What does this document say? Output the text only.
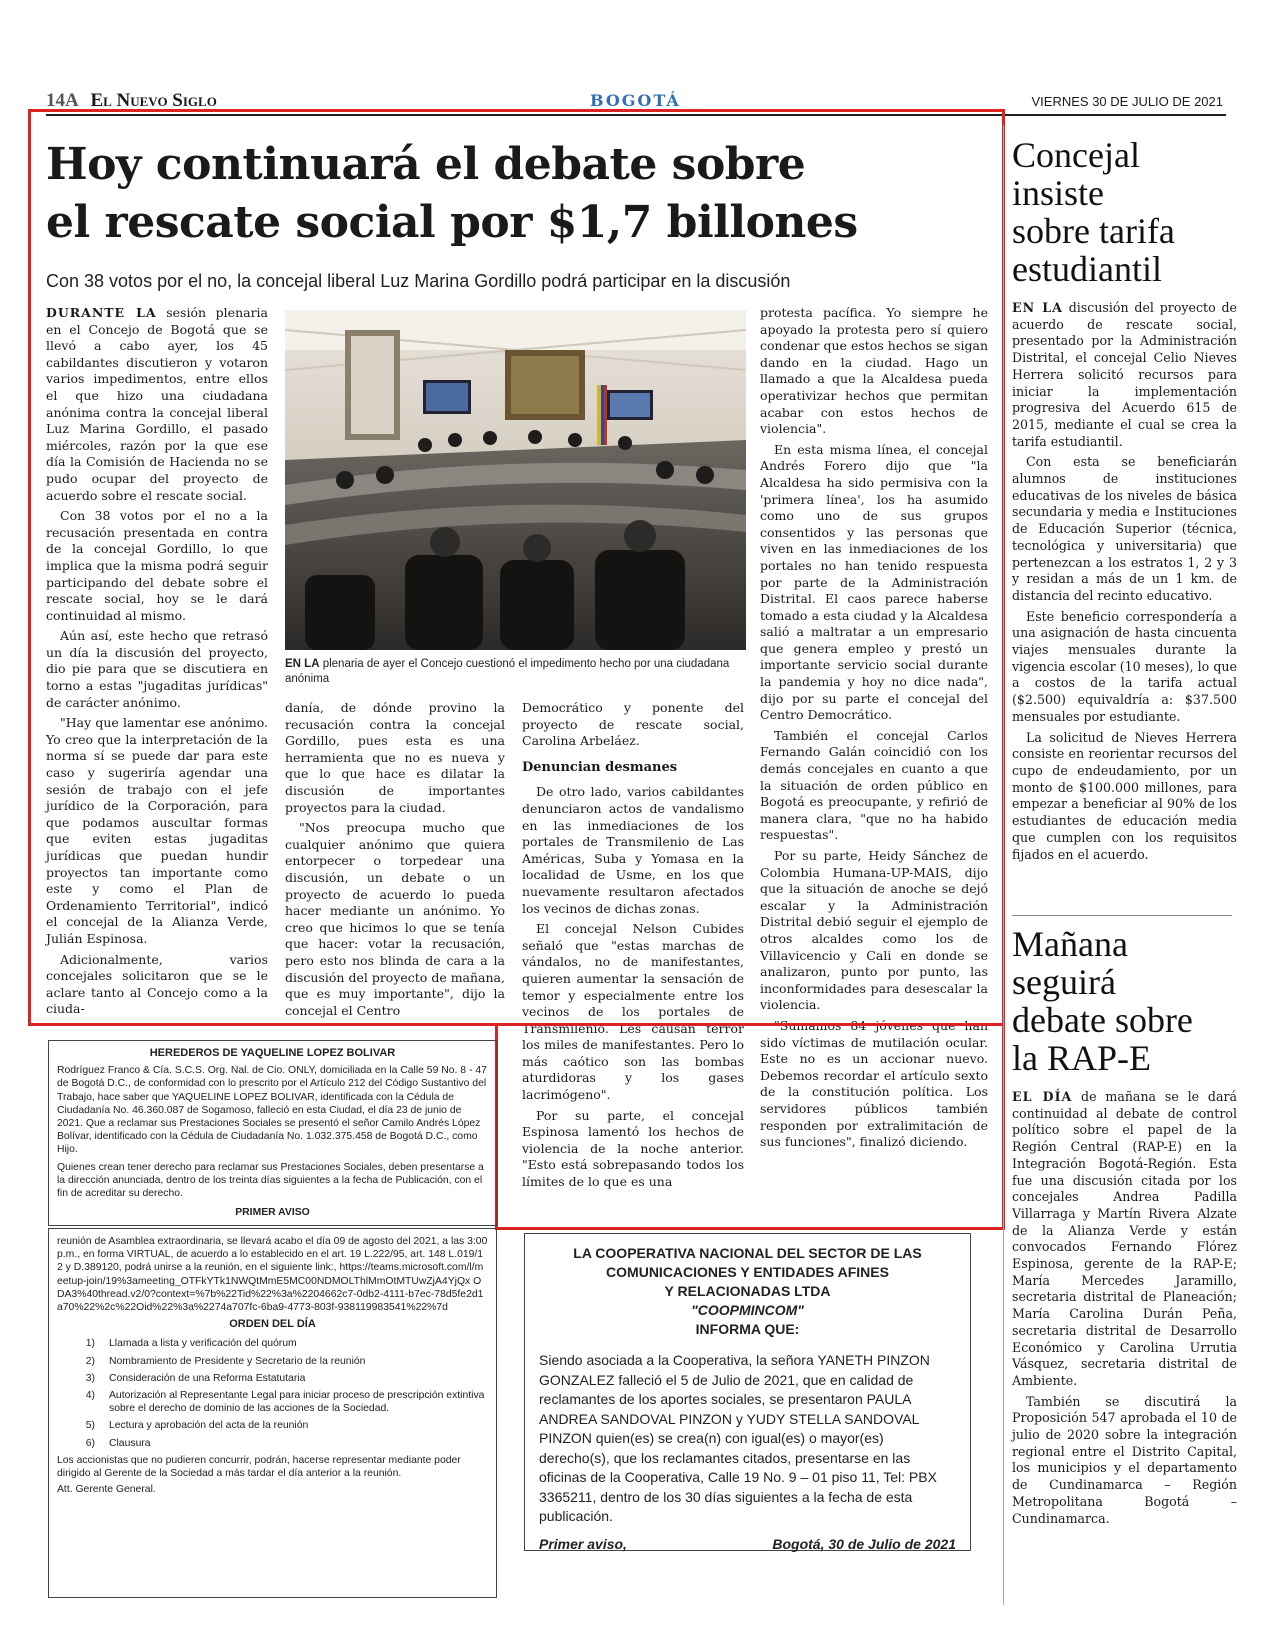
14A El Nuevo Siglo	BOGOTÁ	VIERNES 30 DE JULIO DE 2021
Hoy continuará el debate sobre
el rescate social por $1,7 billones
Con 38 votos por el no, la concejal liberal Luz Marina Gordillo podrá participar en la discusión

DURANTE LA sesión plenaria en el Concejo de Bogotá que se llevó a cabo ayer, los 45 cabildantes discutieron y votaron varios impedimentos, entre ellos el que hizo una ciudadana anónima contra la concejal liberal Luz Marina Gordillo, el pasado miércoles, razón por la que ese día la Comisión de Hacienda no se pudo ocupar del proyecto de acuerdo sobre el rescate social.

Con 38 votos por el no a la recusación presentada en contra de la concejal Gordillo, lo que implica que la misma podrá seguir participando del debate sobre el rescate social, hoy se le dará continuidad al mismo.

Aún así, este hecho que retrasó un día la discusión del proyecto, dio pie para que se discutiera en torno a estas "jugaditas jurídicas" de carácter anónimo.

"Hay que lamentar ese anónimo. Yo creo que la interpretación de la norma sí se puede dar para este caso y sugeriría agendar una sesión de trabajo con el jefe jurídico de la Corporación, para que podamos auscultar formas que eviten estas jugaditas jurídicas que puedan hundir proyectos tan importante como este y como el Plan de Ordenamiento Territorial", indicó el concejal de la Alianza Verde, Julián Espinosa.

Adicionalmente, varios concejales solicitaron que se le aclare tanto al Concejo como a la ciuda-

EN LA plenaria de ayer el Concejo cuestionó el impedimento hecho por una ciudadana anónima

danía, de dónde provino la recusación contra la concejal Gordillo, pues esta es una herramienta que no es nueva y que lo que hace es dilatar la discusión de importantes proyectos para la ciudad.

"Nos preocupa mucho que cualquier anónimo que quiera entorpecer o torpedear una discusión, un debate o un proyecto de acuerdo lo pueda hacer mediante un anónimo. Yo creo que hicimos lo que se tenía que hacer: votar la recusación, pero esto nos blinda de cara a la discusión del proyecto de mañana, que es muy importante", dijo la concejal el Centro

Democrático y ponente del proyecto de rescate social, Carolina Arbeláez.

Denuncian desmanes

De otro lado, varios cabildantes denunciaron actos de vandalismo en las inmediaciones de los portales de Transmilenio de Las Américas, Suba y Yomasa en la localidad de Usme, en los que nuevamente resultaron afectados los vecinos de dichas zonas.

El concejal Nelson Cubides señaló que "estas marchas de vándalos, no de manifestantes, quieren aumentar la sensación de temor y especialmente entre los vecinos de los portales de Transmilenio. Les causan terror los miles de manifestantes. Pero lo más caótico son las bombas aturdidoras y los gases lacrimógeno".

Por su parte, el concejal Espinosa lamentó los hechos de violencia de la noche anterior. "Esto está sobrepasando todos los límites de lo que es una

protesta pacífica. Yo siempre he apoyado la protesta pero sí quiero condenar que estos hechos se sigan dando en la ciudad. Hago un llamado a que la Alcaldesa pueda operativizar hechos que permitan acabar con estos hechos de violencia".

En esta misma línea, el concejal Andrés Forero dijo que "la Alcaldesa ha sido permisiva con la 'primera línea', los ha asumido como uno de sus grupos consentidos y las personas que viven en las inmediaciones de los portales no han tenido respuesta por parte de la Administración Distrital. El caos parece haberse tomado a esta ciudad y la Alcaldesa salió a maltratar a un empresario que genera empleo y prestó un importante servicio social durante la pandemia y hoy no dice nada", dijo por su parte el concejal del Centro Democrático.

También el concejal Carlos Fernando Galán coincidió con los demás concejales en cuanto a que la situación de orden público en Bogotá es preocupante, y refirió de manera clara, "que no ha habido respuestas".

Por su parte, Heidy Sánchez de Colombia Humana-UP-MAIS, dijo que la situación de anoche se dejó escalar y la Administración Distrital debió seguir el ejemplo de otros alcaldes como los de Villavicencio y Cali en donde se analizaron, punto por punto, las inconformidades para desescalar la violencia.

"Sumamos 84 jóvenes que han sido víctimas de mutilación ocular. Este no es un accionar nuevo. Debemos recordar el artículo sexto de la constitución política. Los servidores públicos también responden por extralimitación de sus funciones", finalizó diciendo.

Concejal
insiste
sobre tarifa
estudiantil

EN LA discusión del proyecto de acuerdo de rescate social, presentado por la Administración Distrital, el concejal Celio Nieves Herrera solicitó recursos para iniciar la implementación progresiva del Acuerdo 615 de 2015, mediante el cual se crea la tarifa estudiantil.

Con esta se beneficiarán alumnos de instituciones educativas de los niveles de básica secundaria y media e Instituciones de Educación Superior (técnica, tecnológica y universitaria) que pertenezcan a los estratos 1, 2 y 3 y residan a más de un 1 km. de distancia del recinto educativo.

Este beneficio correspondería a una asignación de hasta cincuenta viajes mensuales durante la vigencia escolar (10 meses), lo que a costos de la tarifa actual ($2.500) equivaldría a: $37.500 mensuales por estudiante.

La solicitud de Nieves Herrera consiste en reorientar recursos del cupo de endeudamiento, por un monto de $100.000 millones, para empezar a beneficiar al 90% de los estudiantes de educación media que cumplen con los requisitos fijados en el acuerdo.

Mañana
seguirá
debate sobre
la RAP-E

EL DÍA de mañana se le dará continuidad al debate de control político sobre el papel de la Región Central (RAP-E) en la Integración Bogotá-Región. Esta fue una discusión citada por los concejales Andrea Padilla Villarraga y Martín Rivera Alzate de la Alianza Verde y están convocados Fernando Flórez Espinosa, gerente de la RAP-E; María Mercedes Jaramillo, secretaria distrital de Planeación; María Carolina Durán Peña, secretaria distrital de Desarrollo Económico y Carolina Urrutia Vásquez, secretaria distrital de Ambiente.

También se discutirá la Proposición 547 aprobada el 10 de julio de 2020 sobre la integración regional entre el Distrito Capital, los municipios y el departamento de Cundinamarca – Región Metropolitana Bogotá – Cundinamarca.

HEREDEROS DE YAQUELINE LOPEZ BOLIVAR

Rodríguez Franco & Cía. S.C.S. Org. Nal. de Cio. ONLY, domiciliada en la Calle 59 No. 8 - 47 de Bogotá D.C., de conformidad con lo prescrito por el Artículo 212 del Código Sustantivo del Trabajo, hace saber que YAQUELINE LOPEZ BOLIVAR, identificada con la Cédula de Ciudadanía No. 46.360.087 de Sogamoso, falleció en esta Ciudad, el día 23 de junio de 2021. Que a reclamar sus Prestaciones Sociales se presentó el señor Camilo Andrés López Bolívar, identificado con la Cédula de Ciudadanía No. 1.032.375.458 de Bogotá D.C., como Hijo.

Quienes crean tener derecho para reclamar sus Prestaciones Sociales, deben presentarse a la dirección anunciada, dentro de los treinta días siguientes a la fecha de Publicación, con el fin de acreditar su derecho.

PRIMER AVISO

reunión de Asamblea extraordinaria, se llevará acabo el día 09 de agosto del 2021, a las 3:00 p.m., en forma VIRTUAL, de acuerdo a lo establecido en el art. 19 L.222/95, art. 148 L.019/12 y D.389120, podrá unirse a la reunión, en el siguiente link:, https://teams.microsoft.com/l/meetup-join/19%3ameeting_OTFkYTk1NWQtMmE5MC00NDMOLThlMmOtMTUwZjA4YjQx ODA3%40thread.v2/0?context=%7b%22Tid%22%3a%2204662c7-0db2-4111-b7ec-78d5fe2d1a70%22%2c%22Oid%22%3a%2274a707fc-6ba9-4773-803f-938119983541%22%7d

ORDEN DEL DÍA
1)	Llamada a lista y verificación del quórum
2)	Nombramiento de Presidente y Secretario de la reunión
3)	Consideración de una Reforma Estatutaria
4)	Autorización al Representante Legal para iniciar proceso de prescripción extintiva sobre el derecho de dominio de las acciones de la Sociedad.
5)	Lectura y aprobación del acta de la reunión
6)	Clausura

Los accionistas que no pudieren concurrir, podrán, hacerse representar mediante poder dirigido al Gerente de la Sociedad a más tardar el día anterior a la reunión.

Att. Gerente General.

LA COOPERATIVA NACIONAL DEL SECTOR DE LAS
COMUNICACIONES Y ENTIDADES AFINES
Y RELACIONADAS LTDA
"COOPMINCOM"
INFORMA QUE:
Siendo asociada a la Cooperativa, la señora YANETH PINZON GONZALEZ falleció el 5 de Julio de 2021, que en calidad de reclamantes de los aportes sociales, se presentaron PAULA ANDREA SANDOVAL PINZON y YUDY STELLA SANDOVAL PINZON quien(es) se crea(n) con igual(es) o mayor(es) derecho(s), que los reclamantes citados, presentarse en las oficinas de la Cooperativa, Calle 19 No. 9 – 01 piso 11, Tel: PBX 3365211, dentro de los 30 días siguientes a la fecha de esta publicación.
Primer aviso,	Bogotá, 30 de Julio de 2021
